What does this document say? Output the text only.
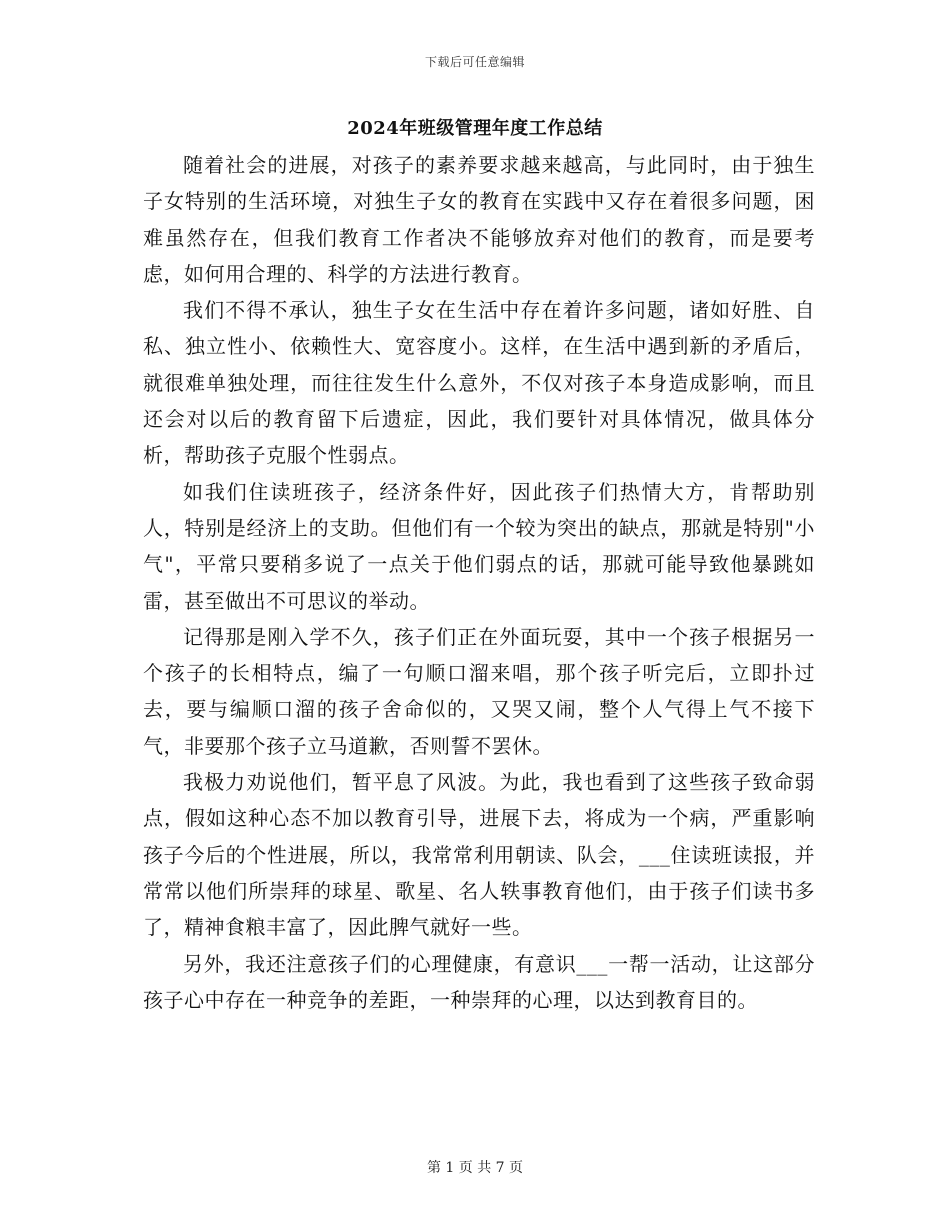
下载后可任意编辑
2024年班级管理年度工作总结

随着社会的进展，对孩子的素养要求越来越高，与此同时，由于独生子女特别的生活环境，对独生子女的教育在实践中又存在着很多问题，困难虽然存在，但我们教育工作者决不能够放弃对他们的教育，而是要考虑，如何用合理的、科学的方法进行教育。

我们不得不承认，独生子女在生活中存在着许多问题，诸如好胜、自私、独立性小、依赖性大、宽容度小。这样，在生活中遇到新的矛盾后，就很难单独处理，而往往发生什么意外，不仅对孩子本身造成影响，而且还会对以后的教育留下后遗症，因此，我们要针对具体情况，做具体分析，帮助孩子克服个性弱点。

如我们住读班孩子，经济条件好，因此孩子们热情大方，肯帮助别人，特别是经济上的支助。但他们有一个较为突出的缺点，那就是特别"小气"，平常只要稍多说了一点关于他们弱点的话，那就可能导致他暴跳如雷，甚至做出不可思议的举动。

记得那是刚入学不久，孩子们正在外面玩耍，其中一个孩子根据另一个孩子的长相特点，编了一句顺口溜来唱，那个孩子听完后，立即扑过去，要与编顺口溜的孩子舍命似的，又哭又闹，整个人气得上气不接下气，非要那个孩子立马道歉，否则誓不罢休。

我极力劝说他们，暂平息了风波。为此，我也看到了这些孩子致命弱点，假如这种心态不加以教育引导，进展下去，将成为一个病，严重影响孩子今后的个性进展，所以，我常常利用朝读、队会，___住读班读报，并常常以他们所崇拜的球星、歌星、名人轶事教育他们，由于孩子们读书多了，精神食粮丰富了，因此脾气就好一些。

另外，我还注意孩子们的心理健康，有意识___一帮一活动，让这部分孩子心中存在一种竞争的差距，一种崇拜的心理，以达到教育目的。

第 1 页 共 7 页
